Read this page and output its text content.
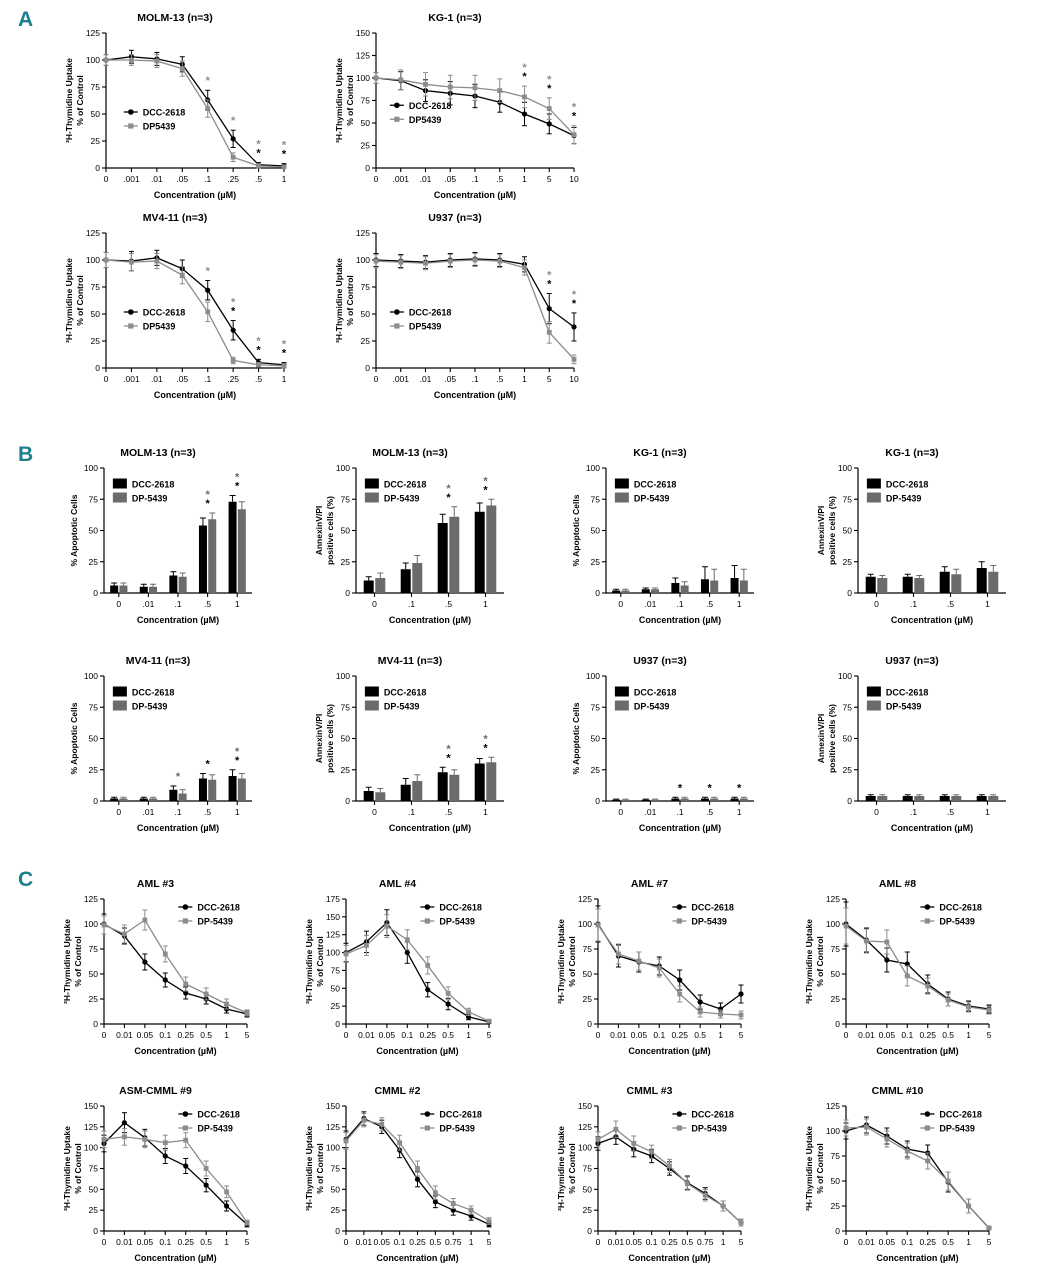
A
B
C
MOLM-13 (n=3)
0
25
50
75
100
125
³H-Thymidine Uptake% of Control
0 .001 .01 .05 .1 .25 .5 1
Concentration (µM)
*
*
*
*
*
*
DCC-2618
DP5439
KG-1 (n=3)
0
25
50
75
100
125
150
³H-Thymidine Uptake% of Control
0 .001 .01 .05 .1 .5 1 5 10
Concentration (µM)
*
*
*
*
*
*
DCC-2618
DP5439
MV4-11 (n=3)
0
25
50
75
100
125
³H-Thymidine Uptake% of Control
0 .001 .01 .05 .1 .25 .5 1
Concentration (µM)
*
*
*
*
*
*
*
DCC-2618
DP5439
U937 (n=3)
0
25
50
75
100
125
³H-Thymidine Uptake% of Control
0 .001 .01 .05 .1 .5 1 5 10
Concentration (µM)
*
*
*
*
DCC-2618
DP5439
MOLM-13 (n=3)
0
25
50
75
100
% Apoptotic Cells
0	.01 .1	.5	1
Concentration (µM)
*
*
*
*
DCC-2618
DP-5439
MOLM-13 (n=3)
0
25
50
75
100
AnnexinV/PIpositive cells (%)
0	.1	.5	1
Concentration (µM)
*
*	*
*
DCC-2618
DP-5439
KG-1 (n=3)
0
25
50
75
100
% Apoptotic Cells
0	.01 .1	.5	1
Concentration (µM)
DCC-2618
DP-5439
KG-1 (n=3)
0
25
50
75
100
AnnexinV/PIpositive cells (%)
0	.1	.5	1
Concentration (µM)
DCC-2618
DP-5439
MV4-11 (n=3)
0
25
50
75
100
% Apoptotic Cells
0	.01 .1	.5	1
Concentration (µM)
*
* *
*
DCC-2618
DP-5439
MV4-11 (n=3)
0
25
50
75
100
AnnexinV/PIpositive cells (%)
0	.1	.5	1
Concentration (µM)
*
*	*
*
DCC-2618
DP-5439
U937 (n=3)
0
25
50
75
100
% Apoptotic Cells
0	.01 .1	.5	1
Concentration (µM)
* * *
DCC-2618
DP-5439
U937 (n=3)
0
25
50
75
100
AnnexinV/PIpositive cells (%)
0	.1	.5	1
Concentration (µM)
DCC-2618
DP-5439
AML #3
0
25
50
75
100
125
³H-Thymidine Uptake% of Control
0 0.01 0.05 0.1 0.25 0.5 1 5
Concentration (µM)
DCC-2618
DP-5439
AML #4
0
25
50
75
100
125
150
175
³H-Thymidine Uptake% of Control
0 0.01 0.05 0.1 0.25 0.5 1 5
Concentration (µM)
DCC-2618
DP-5439
AML #7
0
25
50
75
100
125
³H-Thymidine Uptake% of Control
0 0.01 0.05 0.1 0.25 0.5 1 5
Concentration (µM)
DCC-2618
DP-5439
AML #8
0
25
50
75
100
125
³H-Thymidine Uptake% of Control
0 0.01 0.05 0.1 0.25 0.5 1 5
Concentration (µM)
DCC-2618
DP-5439
ASM-CMML #9
0
25
50
75
100
125
150
³H-Thymidine Uptake% of Control
0 0.01 0.05 0.1 0.25 0.5 1 5
Concentration (µM)
DCC-2618
DP-5439
CMML #2
0
25
50
75
100
125
150
³H-Thymidine Uptake% of Control
0 0.01 0.05 0.1 0.25 0.5 0.75 1 5
Concentration (µM)
DCC-2618
DP-5439
CMML #3
0
25
50
75
100
125
150
³H-Thymidine Uptake% of Control
0 0.01 0.05 0.1 0.25 0.5 0.75 1 5
Concentration (µM)
DCC-2618
DP-5439
CMML #10
0
25
50
75
100
125
³H-Thymidine Uptake% of Control
0 0.01 0.05 0.1 0.25 0.5 1 5
Concentration (µM)
DCC-2618
DP-5439
